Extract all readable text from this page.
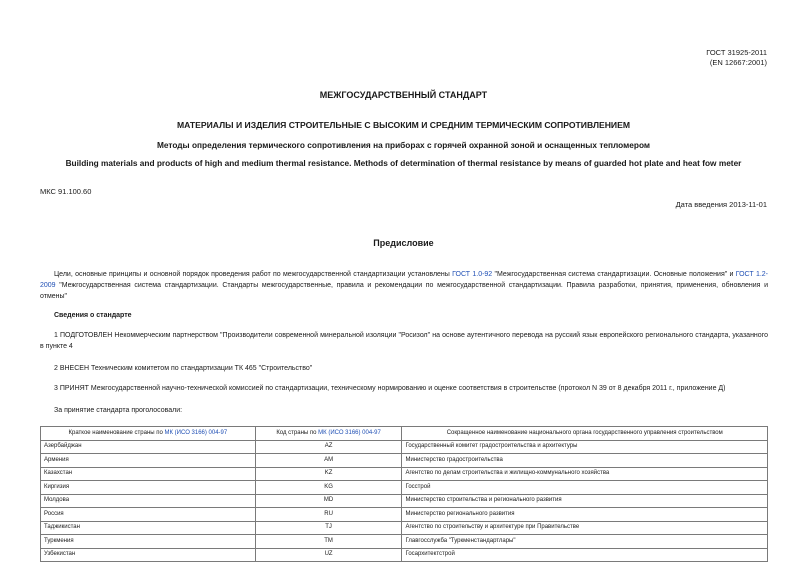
ГОСТ 31925-2011
(EN 12667:2001)
МЕЖГОСУДАРСТВЕННЫЙ СТАНДАРТ
МАТЕРИАЛЫ И ИЗДЕЛИЯ СТРОИТЕЛЬНЫЕ С ВЫСОКИМ И СРЕДНИМ ТЕРМИЧЕСКИМ СОПРОТИВЛЕНИЕМ
Методы определения термического сопротивления на приборах с горячей охранной зоной и оснащенных тепломером
Building materials and products of high and medium thermal resistance. Methods of determination of thermal resistance by means of guarded hot plate and heat fow meter
МКС 91.100.60
Дата введения 2013-11-01
Предисловие
Цели, основные принципы и основной порядок проведения работ по межгосударственной стандартизации установлены ГОСТ 1.0-92 "Межгосударственная система стандартизации. Основные положения" и ГОСТ 1.2-2009 "Межгосударственная система стандартизации. Стандарты межгосударственные, правила и рекомендации по межгосударственной стандартизации. Правила разработки, принятия, применения, обновления и отмены"
Сведения о стандарте
1 ПОДГОТОВЛЕН Некоммерческим партнерством "Производители современной минеральной изоляции "Росизол" на основе аутентичного перевода на русский язык европейского регионального стандарта, указанного в пункте 4
2 ВНЕСЕН Техническим комитетом по стандартизации ТК 465 "Строительство"
3 ПРИНЯТ Межгосударственной научно-технической комиссией по стандартизации, техническому нормированию и оценке соответствия в строительстве (протокол N 39 от 8 декабря 2011 г., приложение Д)
За принятие стандарта проголосовали:
Краткое наименование страны по МК (ИСО 3166) 004-97	Код страны по МК (ИСО 3166) 004-97	Сокращенное наименование национального органа государственного управления строительством
Азербайджан	AZ	Государственный комитет градостроительства и архитектуры
Армения	AM	Министерство градостроительства
Казахстан	KZ	Агентство по делам строительства и жилищно-коммунального хозяйства
Киргизия	KG	Госстрой
Молдова	MD	Министерство строительства и регионального развития
Россия	RU	Министерство регионального развития
Таджикистан	TJ	Агентство по строительству и архитектуре при Правительстве
Туркмения	TM	Главгосслужба "Туркменстандартлары"
Узбекистан	UZ	Госархитектстрой
